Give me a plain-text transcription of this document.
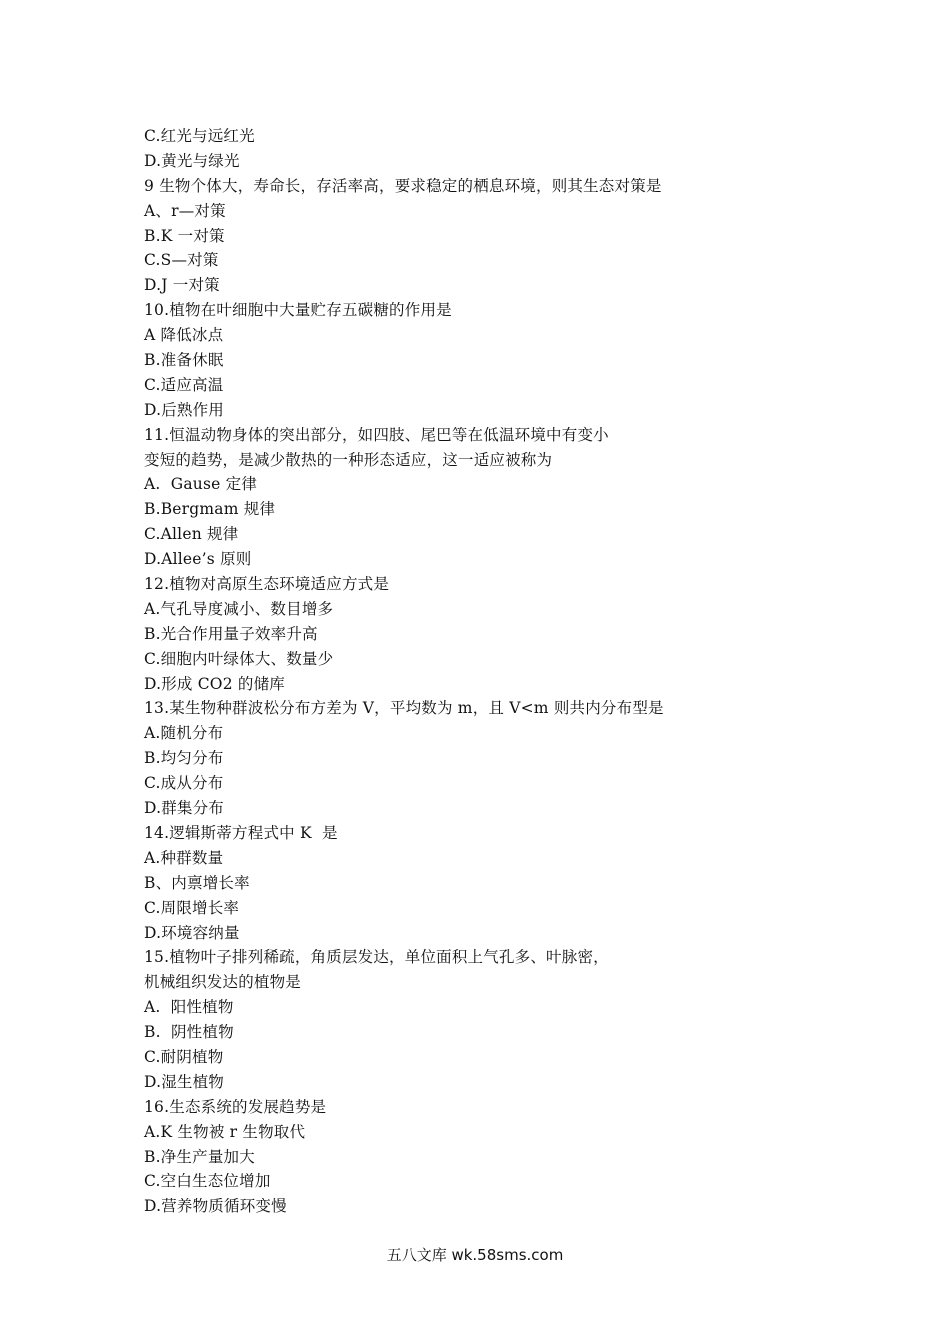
C.红光与远红光
D.黄光与绿光
9 生物个体大，寿命长，存活率高，要求稳定的栖息环境，则其生态对策是
A、r—对策
B.K 一对策
C.S—对策
D.J 一对策
10.植物在叶细胞中大量贮存五碳糖的作用是
A 降低冰点
B.准备休眠
C.适应高温
D.后熟作用
11.恒温动物身体的突出部分，如四肢、尾巴等在低温环境中有变小
变短的趋势，是减少散热的一种形态适应，这一适应被称为
A.  Gause 定律
B.Bergmam 规律
C.Allen 规律
D.Allee’s 原则
12.植物对高原生态环境适应方式是
A.气孔导度减小、数目增多
B.光合作用量子效率升高
C.细胞内叶绿体大、数量少
D.形成 CO2 的储库
13.某生物种群波松分布方差为 V，平均数为 m，且 V<m 则共内分布型是
A.随机分布
B.均匀分布
C.成从分布
D.群集分布
14.逻辑斯蒂方程式中 K  是
A.种群数量
B、内禀增长率
C.周限增长率
D.环境容纳量
15.植物叶子排列稀疏，角质层发达，单位面积上气孔多、叶脉密，
机械组织发达的植物是
A.  阳性植物
B.  阴性植物
C.耐阴植物
D.湿生植物
16.生态系统的发展趋势是
A.K 生物被 r 生物取代
B.净生产量加大
C.空白生态位增加
D.营养物质循环变慢
五八文库 wk.58sms.com
